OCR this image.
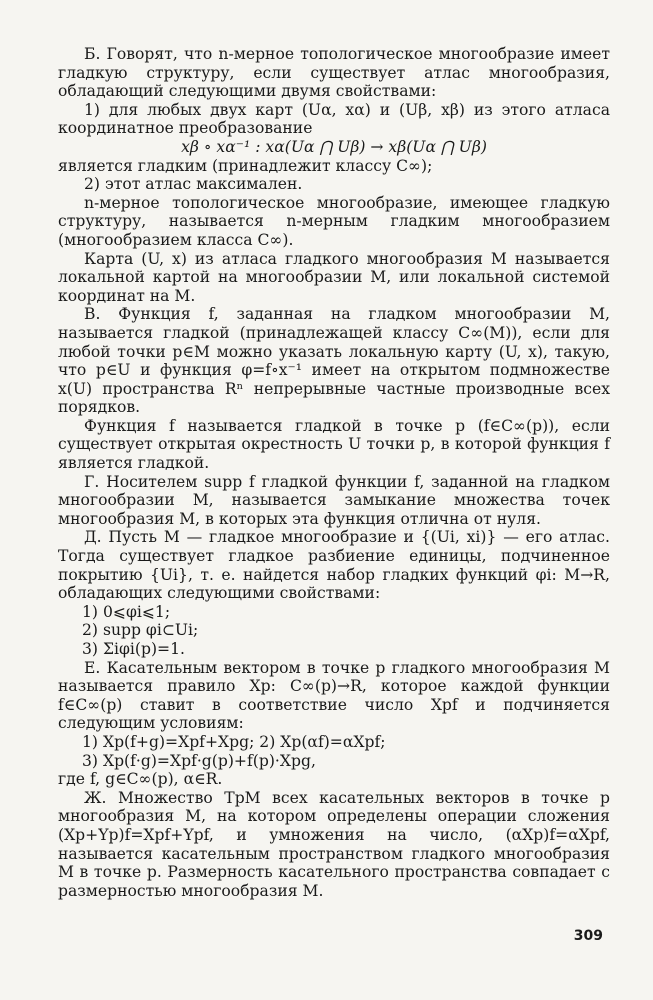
Б. Говорят, что n-мерное топологическое многообразие имеет гладкую структуру, если существует атлас многообразия, обладающий следующими двумя свойствами:

1) для любых двух карт (Uα, xα) и (Uβ, xβ) из этого атласа координатное преобразование

xβ ∘ xα⁻¹ : xα(Uα ⋂ Uβ) → xβ(Uα ⋂ Uβ)

является гладким (принадлежит классу C∞);

2) этот атлас максимален.

n-мерное топологическое многообразие, имеющее гладкую структуру, называется n-мерным гладким многообразием (многообразием класса C∞).

Карта (U, x) из атласа гладкого многообразия M называется локальной картой на многообразии M, или локальной системой координат на M.

В. Функция f, заданная на гладком многообразии M, называется гладкой (принадлежащей классу C∞(M)), если для любой точки p∈M можно указать локальную карту (U, x), такую, что p∈U и функция φ=f∘x⁻¹ имеет на открытом подмножестве x(U) пространства Rⁿ непрерывные частные производные всех порядков.

Функция f называется гладкой в точке p (f∈C∞(p)), если существует открытая окрестность U точки p, в которой функция f является гладкой.

Г. Носителем supp f гладкой функции f, заданной на гладком многообразии M, называется замыкание множества точек многообразия M, в которых эта функция отлична от нуля.

Д. Пусть M — гладкое многообразие и {(Ui, xi)} — его атлас. Тогда существует гладкое разбиение единицы, подчиненное покрытию {Ui}, т. е. найдется набор гладких функций φi: M→R, обладающих следующими свойствами:

1) 0⩽φi⩽1;

2) supp φi⊂Ui;

3) Σiφi(p)=1.

Е. Касательным вектором в точке p гладкого многообразия M называется правило Xp: C∞(p)→R, которое каждой функции f∈C∞(p) ставит в соответствие число Xpf и подчиняется следующим условиям:

1) Xp(f+g)=Xpf+Xpg; 2) Xp(αf)=αXpf;

3) Xp(f·g)=Xpf·g(p)+f(p)·Xpg,

где f, g∈C∞(p), α∈R.

Ж. Множество TpM всех касательных векторов в точке p многообразия M, на котором определены операции сложения (Xp+Yp)f=Xpf+Ypf, и умножения на число, (αXp)f=αXpf, называется касательным пространством гладкого многообразия M в точке p. Размерность касательного пространства совпадает с размерностью многообразия M.

309
